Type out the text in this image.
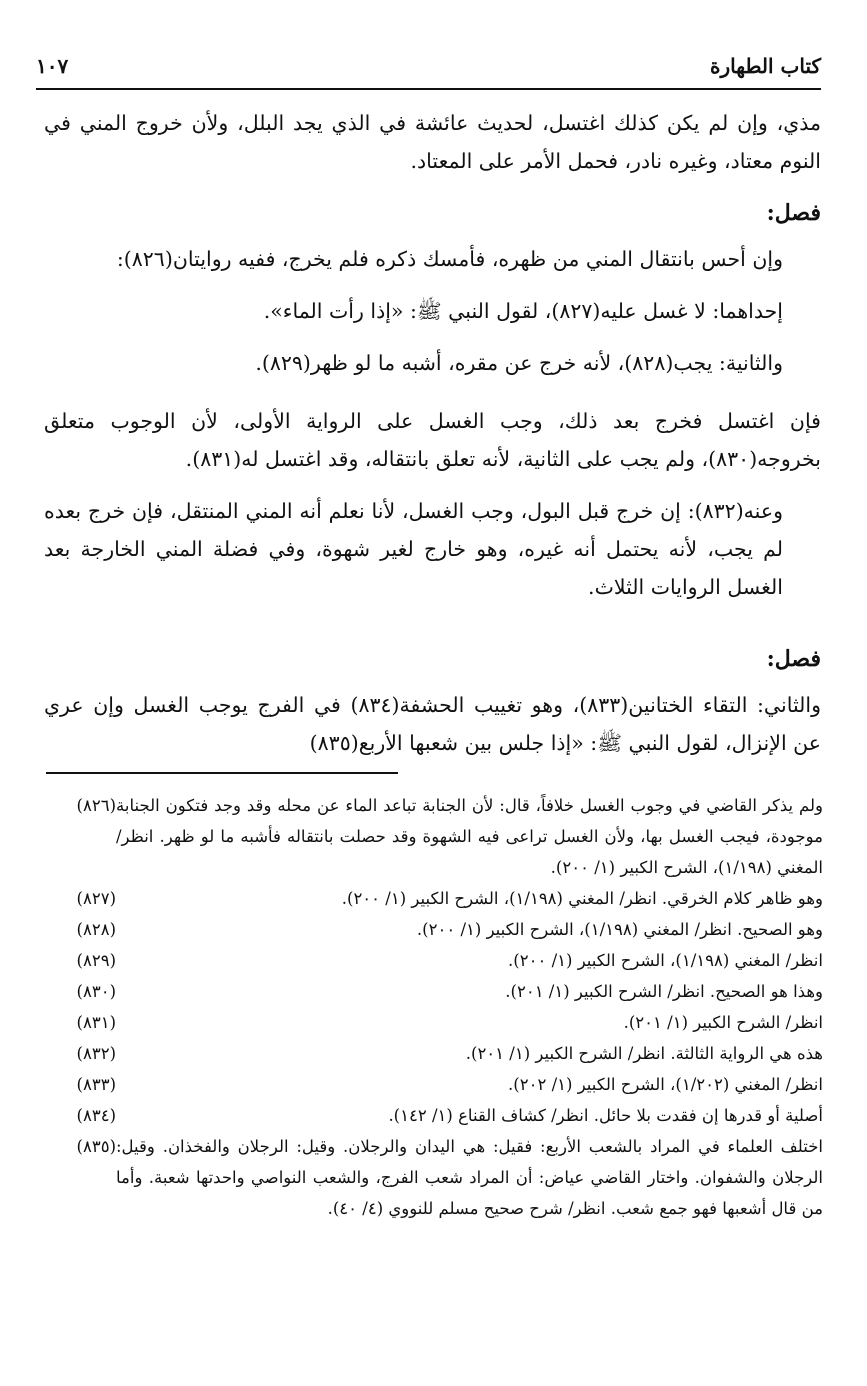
١٠٧	كتاب الطهارة

مذي، وإن لم يكن كذلك اغتسل، لحديث عائشة في الذي يجد البلل، ولأن خروج المني في النوم معتاد، وغيره نادر، فحمل الأمر على المعتاد.

فصل:

وإن أحس بانتقال المني من ظهره، فأمسك ذكره فلم يخرج، ففيه روايتان(٨٢٦):

إحداهما: لا غسل عليه(٨٢٧)، لقول النبي ﷺ: «إذا رأت الماء».

والثانية: يجب(٨٢٨)، لأنه خرج عن مقره، أشبه ما لو ظهر(٨٢٩).

فإن اغتسل فخرج بعد ذلك، وجب الغسل على الرواية الأولى، لأن الوجوب متعلق بخروجه(٨٣٠)، ولم يجب على الثانية، لأنه تعلق بانتقاله، وقد اغتسل له(٨٣١).

وعنه(٨٣٢): إن خرج قبل البول، وجب الغسل، لأنا نعلم أنه المني المنتقل، فإن خرج بعده لم يجب، لأنه يحتمل أنه غيره، وهو خارج لغير شهوة، وفي فضلة المني الخارجة بعد الغسل الروايات الثلاث.

فصل:

والثاني: التقاء الختانين(٨٣٣)، وهو تغييب الحشفة(٨٣٤) في الفرج يوجب الغسل وإن عري عن الإنزال، لقول النبي ﷺ: «إذا جلس بين شعبها الأربع(٨٣٥)

ولم يذكر القاضي في وجوب الغسل خلافاً، قال: لأن الجنابة تباعد الماء عن محله وقد وجد فتكون الجنابة موجودة، فيجب الغسل بها، ولأن الغسل تراعى فيه الشهوة وقد حصلت بانتقاله فأشبه ما لو ظهر. انظر/ المغني (١/١٩٨)، الشرح الكبير (١/ ٢٠٠).
(٨٢٦)
وهو ظاهر كلام الخرقي. انظر/ المغني (١/١٩٨)، الشرح الكبير (١/ ٢٠٠).
(٨٢٧)
وهو الصحيح. انظر/ المغني (١/١٩٨)، الشرح الكبير (١/ ٢٠٠).
(٨٢٨)
انظر/ المغني (١/١٩٨)، الشرح الكبير (١/ ٢٠٠).
(٨٢٩)
وهذا هو الصحيح. انظر/ الشرح الكبير (١/ ٢٠١).
(٨٣٠)
انظر/ الشرح الكبير (١/ ٢٠١).
(٨٣١)
هذه هي الرواية الثالثة. انظر/ الشرح الكبير (١/ ٢٠١).
(٨٣٢)
انظر/ المغني (١/٢٠٢)، الشرح الكبير (١/ ٢٠٢).
(٨٣٣)
أصلية أو قدرها إن فقدت بلا حائل. انظر/ كشاف القناع (١/ ١٤٢).
(٨٣٤)
اختلف العلماء في المراد بالشعب الأربع: فقيل: هي اليدان والرجلان. وقيل: الرجلان والفخذان. وقيل: الرجلان والشفوان. واختار القاضي عياض: أن المراد شعب الفرج، والشعب النواصي واحدتها شعبة. وأما من قال أشعبها فهو جمع شعب. انظر/ شرح صحيح مسلم للنووي (٤/ ٤٠).
(٨٣٥)
